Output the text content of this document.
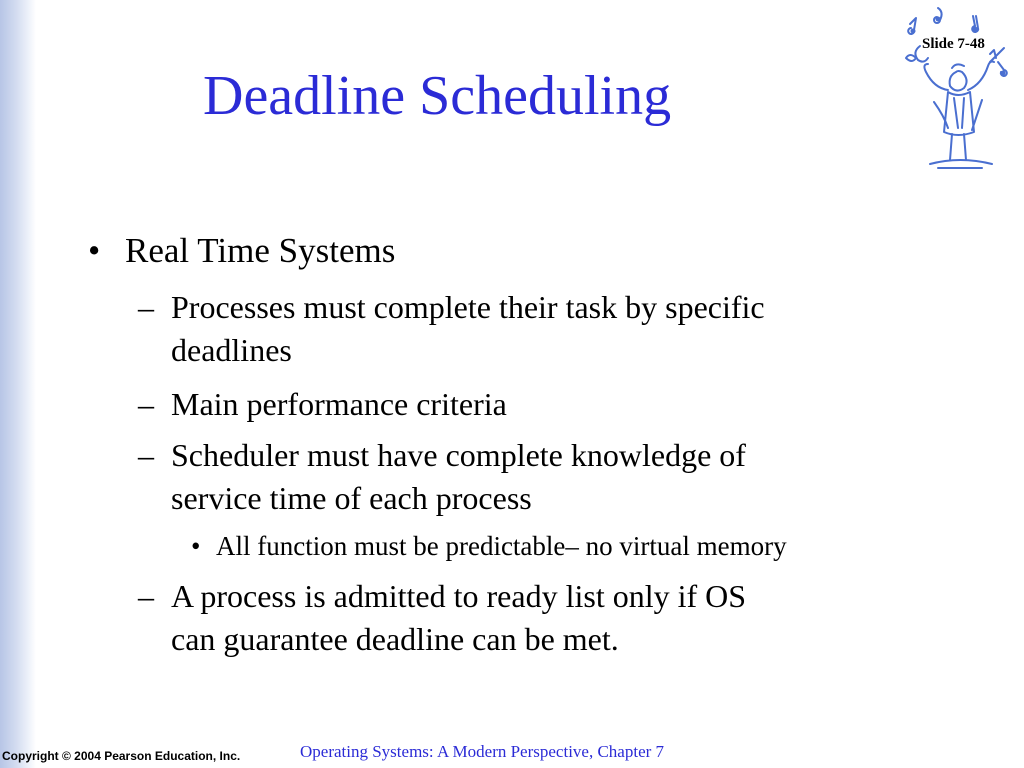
Deadline Scheduling
Slide 7-48
• Real Time Systems
– Processes must complete their task by specific
deadlines
– Main performance criteria
– Scheduler must have complete knowledge of
service time of each process
• All function must be predictable– no virtual memory
– A process is admitted to ready list only if OS
can guarantee deadline can be met.
Copyright © 2004 Pearson Education, Inc.	Operating Systems: A Modern Perspective, Chapter 7
